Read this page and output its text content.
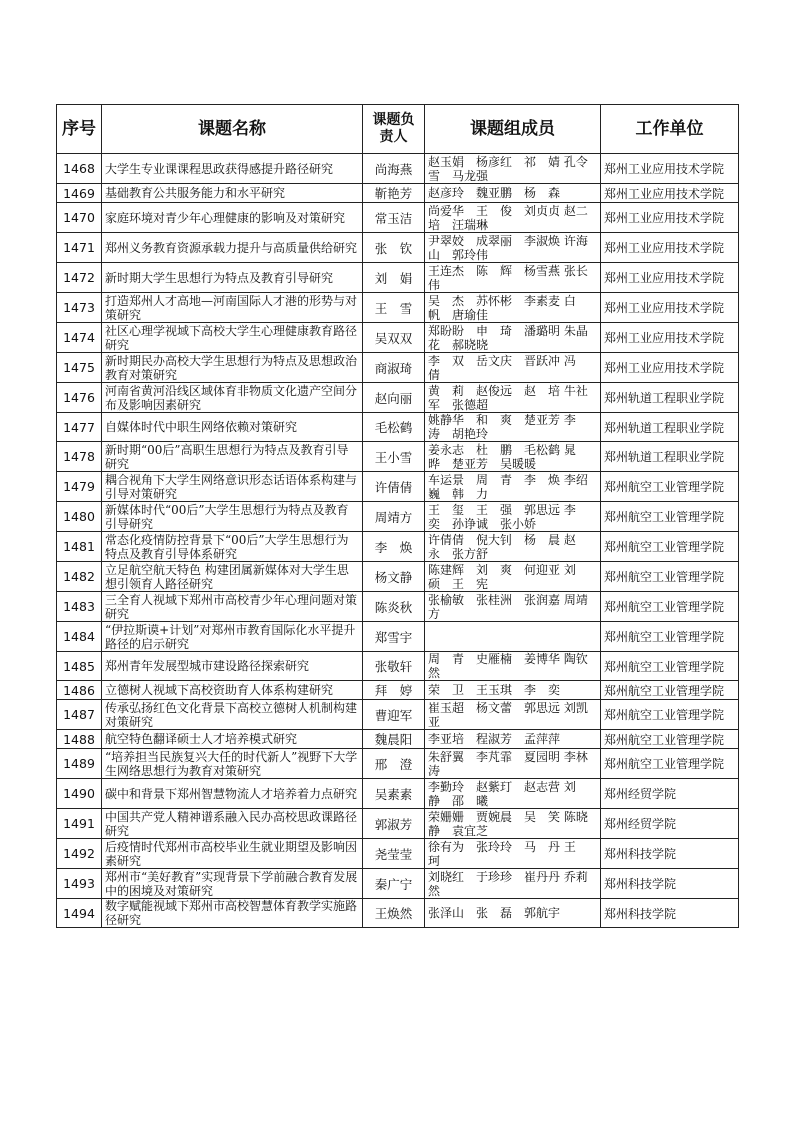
序号	课题名称	课题负责人	课题组成员	工作单位
1468	大学生专业课课程思政获得感提升路径研究	尚海燕	赵玉娟　杨彦红　祁　婧 孔令雪　马龙强	郑州工业应用技术学院
1469	基础教育公共服务能力和水平研究	靳艳芳	赵彦玲　魏亚鹏　杨　森	郑州工业应用技术学院
1470	家庭环境对青少年心理健康的影响及对策研究	常玉洁	尚爱华　王　俊　刘贞贞 赵二培　汪瑞琳	郑州工业应用技术学院
1471	郑州义务教育资源承载力提升与高质量供给研究	张　钦	尹翠姣　成翠丽　李淑焕 许海山　郭玲伟	郑州工业应用技术学院
1472	新时期大学生思想行为特点及教育引导研究	刘　娟	王连杰　陈　辉　杨雪燕 张长伟	郑州工业应用技术学院
1473	打造郑州人才高地—河南国际人才港的形势与对策研究	王　雪	吴　杰　苏怀彬　李素麦 白　帆　唐瑜佳	郑州工业应用技术学院
1474	社区心理学视域下高校大学生心理健康教育路径研究	吴双双	郑盼盼　申　琦　潘璐明 朱晶花　郝晓晓	郑州工业应用技术学院
1475	新时期民办高校大学生思想行为特点及思想政治教育对策研究	商淑琦	李　双　岳文庆　晋跃冲 冯　倩	郑州工业应用技术学院
1476	河南省黄河沿线区域体育非物质文化遗产空间分布及影响因素研究	赵向丽	黄　莉　赵俊远　赵　培 牛社军　张德超	郑州轨道工程职业学院
1477	自媒体时代中职生网络依赖对策研究	毛松鹤	姚静华　和　爽　楚亚芳 李　涛　胡艳玲	郑州轨道工程职业学院
1478	新时期“00后”高职生思想行为特点及教育引导研究	王小雪	姜永志　杜　鹏　毛松鹤 晁　晔　楚亚芳　吴暖暖	郑州轨道工程职业学院
1479	耦合视角下大学生网络意识形态话语体系构建与引导对策研究	许倩倩	车运景　周　青　李　焕 李绍巍　韩　力	郑州航空工业管理学院
1480	新媒体时代“00后”大学生思想行为特点及教育引导研究	周靖方	王　玺　王　强　郭思远 李　奕　孙诤诚　张小娇	郑州航空工业管理学院
1481	常态化疫情防控背景下“00后”大学生思想行为特点及教育引导体系研究	李　焕	许倩倩　倪大钊　杨　晨 赵　永　张方舒	郑州航空工业管理学院
1482	立足航空航天特色 构建团属新媒体对大学生思想引领育人路径研究	杨文静	陈建辉　刘　爽　何迎亚 刘　硕　王　宪	郑州航空工业管理学院
1483	三全育人视域下郑州市高校青少年心理问题对策研究	陈炎秋	张榆敏　张桂洲　张润嘉 周靖方	郑州航空工业管理学院
1484	“伊拉斯谟+计划”对郑州市教育国际化水平提升路径的启示研究	郑雪宇		郑州航空工业管理学院
1485	郑州青年发展型城市建设路径探索研究	张敬轩	周　青　史雁楠　姜博华 陶钦然	郑州航空工业管理学院
1486	立德树人视域下高校资助育人体系构建研究	拜　婷	荣　卫　王玉琪　李　奕	郑州航空工业管理学院
1487	传承弘扬红色文化背景下高校立德树人机制构建对策研究	曹迎军	崔玉超　杨文蕾　郭思远 刘凯亚	郑州航空工业管理学院
1488	航空特色翻译硕士人才培养模式研究	魏晨阳	李亚培　程淑芳　孟萍萍	郑州航空工业管理学院
1489	“培养担当民族复兴大任的时代新人”视野下大学生网络思想行为教育对策研究	邢　澄	朱舒翼　李芃霏　夏园明 李林涛	郑州航空工业管理学院
1490	碳中和背景下郑州智慧物流人才培养着力点研究	吴素素	李勤玲　赵紫玎　赵志营 刘　静　邵　曦	郑州经贸学院
1491	中国共产党人精神谱系融入民办高校思政课路径研究	郭淑芳	荣姗姗　贾婉晨　吴　笑 陈晓静　袁宜芝	郑州经贸学院
1492	后疫情时代郑州市高校毕业生就业期望及影响因素研究	尧莹莹	徐有为　张玲玲　马　丹 王　珂	郑州科技学院
1493	郑州市“美好教育”实现背景下学前融合教育发展中的困境及对策研究	秦广宁	刘晓红　于珍珍　崔丹丹 乔莉然	郑州科技学院
1494	数字赋能视域下郑州市高校智慧体育教学实施路径研究	王焕然	张泽山　张　磊　郭航宇	郑州科技学院
